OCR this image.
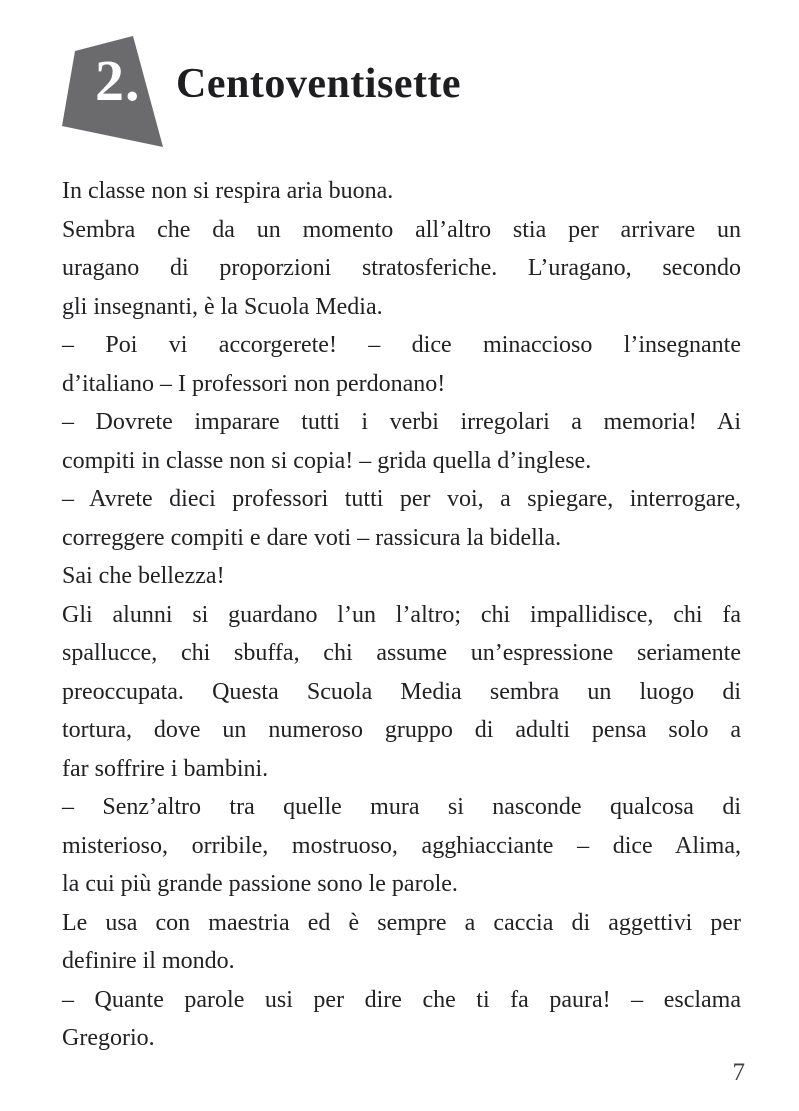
2. Centoventisette

In classe non si respira aria buona.

Sembra che da un momento all’altro stia per arrivare un
uragano di proporzioni stratosferiche. L’uragano, secondo
gli insegnanti, è la Scuola Media.

– Poi vi accorgerete! – dice minaccioso l’insegnante
d’italiano – I professori non perdonano!

– Dovrete imparare tutti i verbi irregolari a memoria! Ai
compiti in classe non si copia! – grida quella d’inglese.

– Avrete dieci professori tutti per voi, a spiegare, interrogare,
correggere compiti e dare voti – rassicura la bidella.

Sai che bellezza!

Gli alunni si guardano l’un l’altro; chi impallidisce, chi fa
spallucce, chi sbuffa, chi assume un’espressione seriamente
preoccupata. Questa Scuola Media sembra un luogo di
tortura, dove un numeroso gruppo di adulti pensa solo a
far soffrire i bambini.

– Senz’altro tra quelle mura si nasconde qualcosa di
misterioso, orribile, mostruoso, agghiacciante – dice Alima,
la cui più grande passione sono le parole.

Le usa con maestria ed è sempre a caccia di aggettivi per
definire il mondo.

– Quante parole usi per dire che ti fa paura! – esclama
Gregorio.

7
